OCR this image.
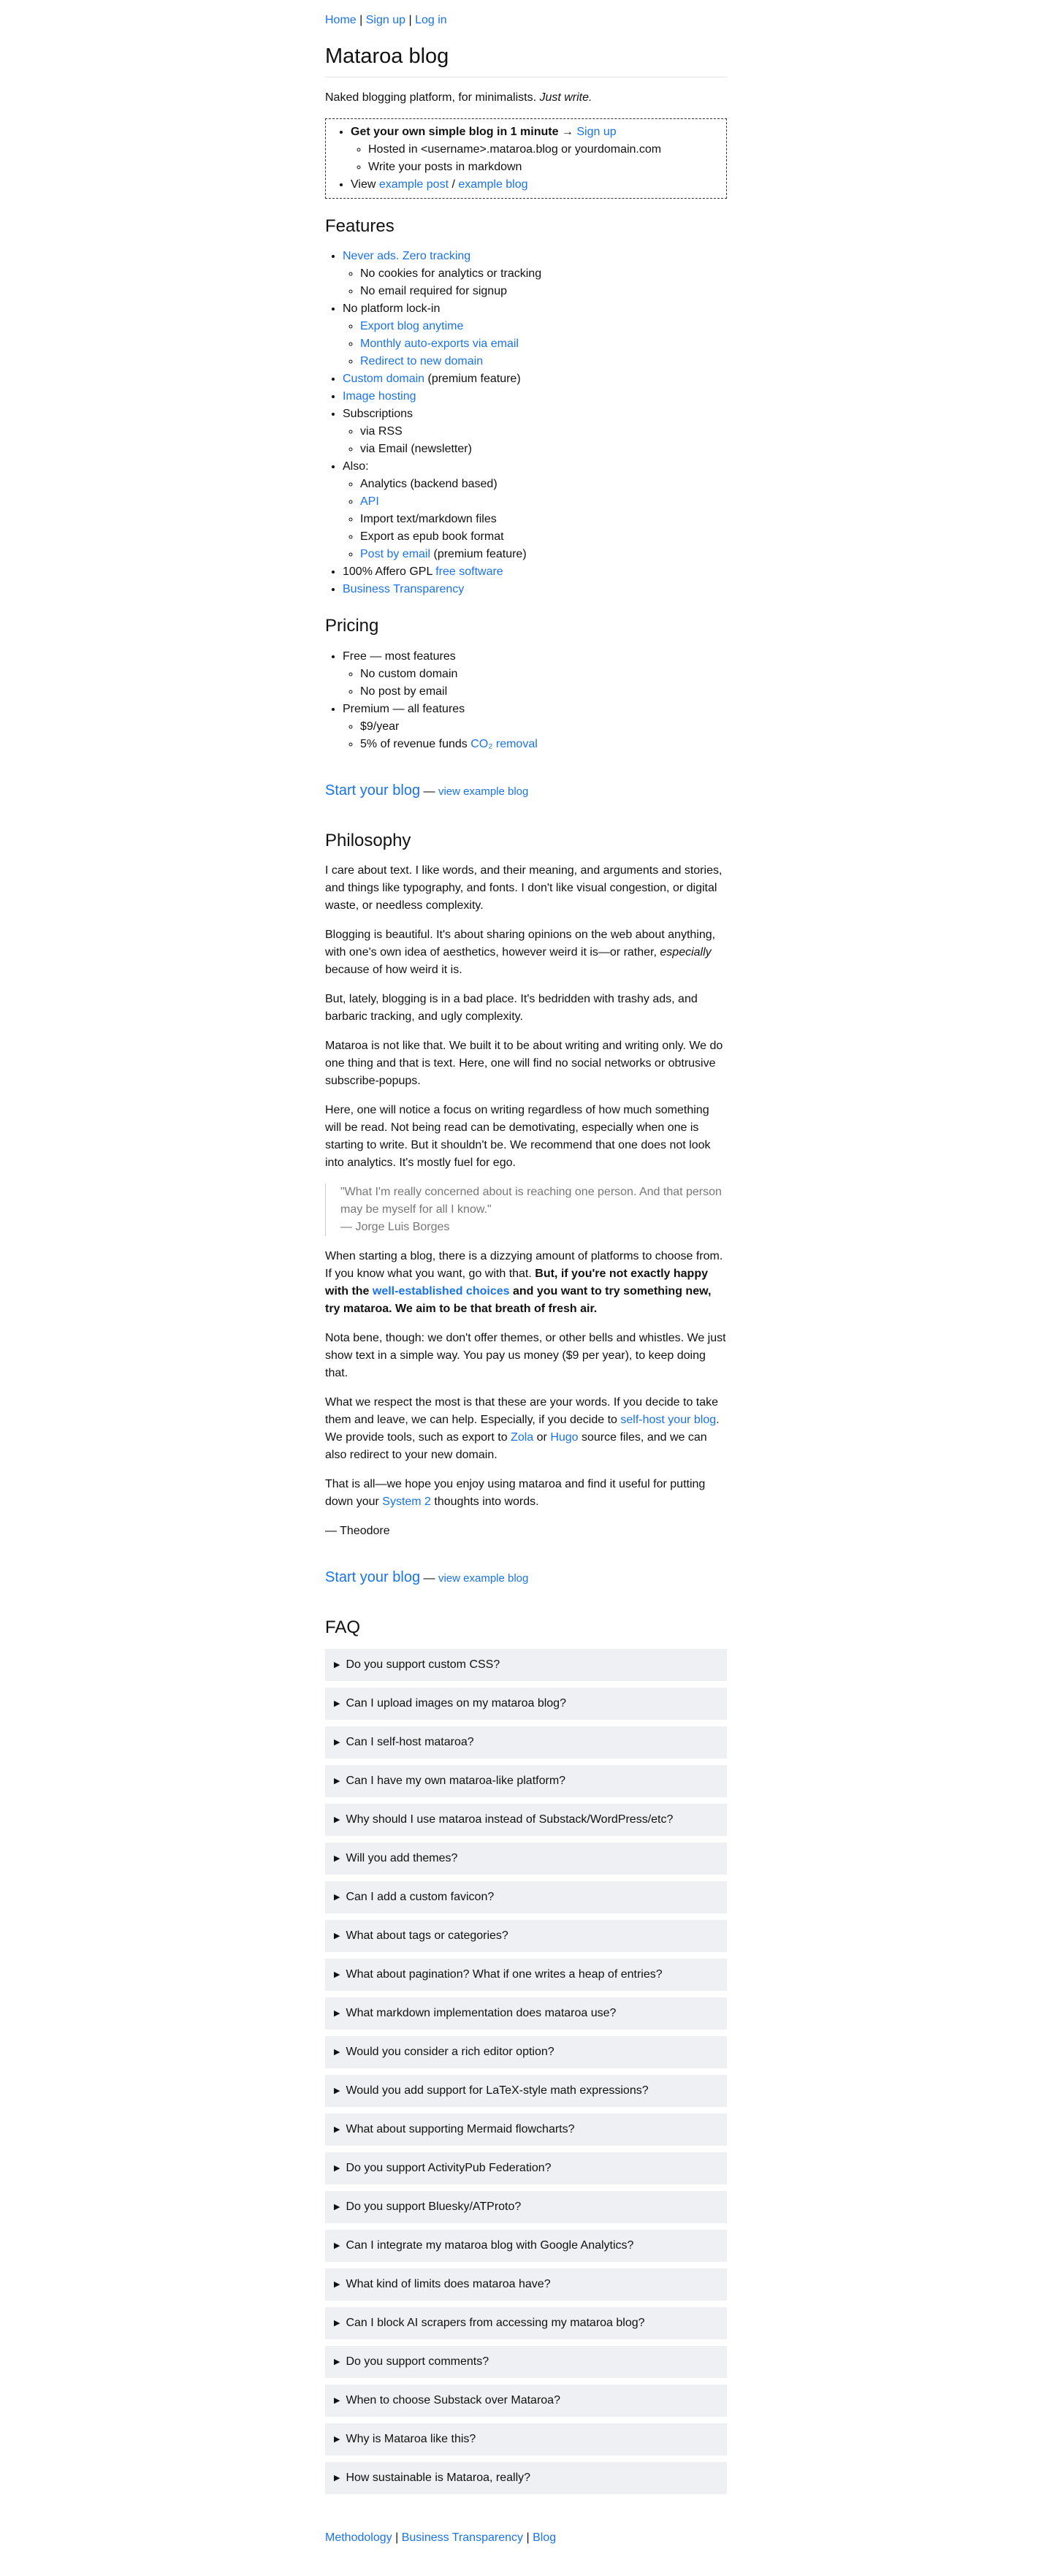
Home | Sign up | Log in
Mataroa blog

Naked blogging platform, for minimalists. Just write.

• Get your own simple blog in 1 minute → Sign up
◦ Hosted in <username>.mataroa.blog or yourdomain.com
◦ Write your posts in markdown
• View example post / example blog
Features
• Never ads. Zero tracking
◦ No cookies for analytics or tracking
◦ No email required for signup
• No platform lock-in
◦ Export blog anytime
◦ Monthly auto-exports via email
◦ Redirect to new domain
• Custom domain (premium feature)
• Image hosting
• Subscriptions
◦ via RSS
◦ via Email (newsletter)
• Also:
◦ Analytics (backend based)
◦ API
◦ Import text/markdown files
◦ Export as epub book format
◦ Post by email (premium feature)
• 100% Affero GPL free software
• Business Transparency
Pricing
• Free — most features
◦ No custom domain
◦ No post by email
• Premium — all features
◦ $9/year
◦ 5% of revenue funds CO₂ removal
Start your blog — view example blog
Philosophy

I care about text. I like words, and their meaning, and arguments and stories, and things like typography, and fonts. I don't like visual congestion, or digital waste, or needless complexity.

Blogging is beautiful. It's about sharing opinions on the web about anything, with one's own idea of aesthetics, however weird it is—or rather, especially because of how weird it is.

But, lately, blogging is in a bad place. It's bedridden with trashy ads, and barbaric tracking, and ugly complexity.

Mataroa is not like that. We built it to be about writing and writing only. We do one thing and that is text. Here, one will find no social networks or obtrusive subscribe-popups.

Here, one will notice a focus on writing regardless of how much something will be read. Not being read can be demotivating, especially when one is starting to write. But it shouldn't be. We recommend that one does not look into analytics. It's mostly fuel for ego.

"What I'm really concerned about is reaching one person. And that person may be myself for all I know."

— Jorge Luis Borges

When starting a blog, there is a dizzying amount of platforms to choose from. If you know what you want, go with that. But, if you're not exactly happy with the well-established choices and you want to try something new, try mataroa. We aim to be that breath of fresh air.

Nota bene, though: we don't offer themes, or other bells and whistles. We just show text in a simple way. You pay us money ($9 per year), to keep doing that.

What we respect the most is that these are your words. If you decide to take them and leave, we can help. Especially, if you decide to self-host your blog. We provide tools, such as export to Zola or Hugo source files, and we can also redirect to your new domain.

That is all—we hope you enjoy using mataroa and find it useful for putting down your System 2 thoughts into words.

— Theodore

Start your blog — view example blog
FAQ
▶ Do you support custom CSS?
▶ Can I upload images on my mataroa blog?
▶ Can I self-host mataroa?
▶ Can I have my own mataroa-like platform?
▶ Why should I use mataroa instead of Substack/WordPress/etc?
▶ Will you add themes?
▶ Can I add a custom favicon?
▶ What about tags or categories?
▶ What about pagination? What if one writes a heap of entries?
▶ What markdown implementation does mataroa use?
▶ Would you consider a rich editor option?
▶ Would you add support for LaTeX-style math expressions?
▶ What about supporting Mermaid flowcharts?
▶ Do you support ActivityPub Federation?
▶ Do you support Bluesky/ATProto?
▶ Can I integrate my mataroa blog with Google Analytics?
▶ What kind of limits does mataroa have?
▶ Can I block AI scrapers from accessing my mataroa blog?
▶ Do you support comments?
▶ When to choose Substack over Mataroa?
▶ Why is Mataroa like this?
▶ How sustainable is Mataroa, really?
Methodology | Business Transparency | Blog
